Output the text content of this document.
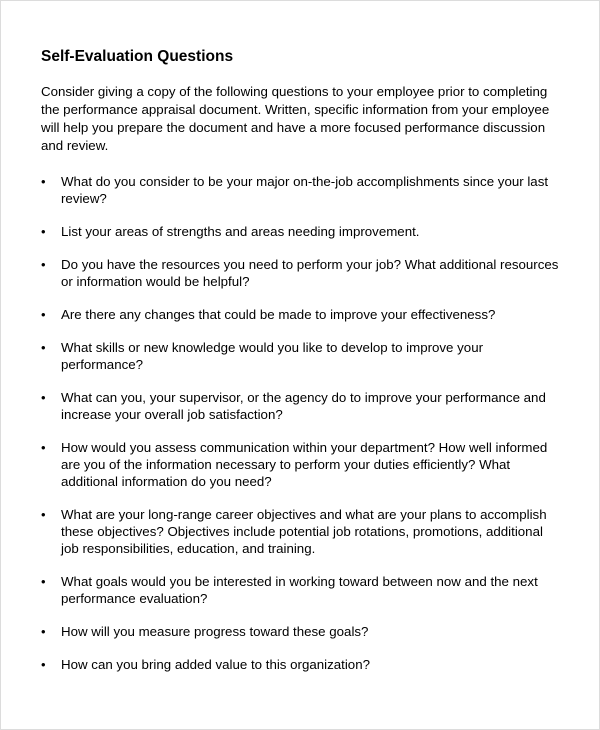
Self-Evaluation Questions

Consider giving a copy of the following questions to your employee prior to completing the performance appraisal document. Written, specific information from your employee will help you prepare the document and have a more focused performance discussion and review.

•	What do you consider to be your major on-the-job accomplishments since your last review?
•	List your areas of strengths and areas needing improvement.
•	Do you have the resources you need to perform your job? What additional resources or information would be helpful?
•	Are there any changes that could be made to improve your effectiveness?
•	What skills or new knowledge would you like to develop to improve your performance?
•	What can you, your supervisor, or the agency do to improve your performance and increase your overall job satisfaction?
•	How would you assess communication within your department? How well informed are you of the information necessary to perform your duties efficiently? What additional information do you need?
•	What are your long-range career objectives and what are your plans to accomplish these objectives? Objectives include potential job rotations, promotions, additional job responsibilities, education, and training.
•	What goals would you be interested in working toward between now and the next performance evaluation?
•	How will you measure progress toward these goals?
•	How can you bring added value to this organization?
